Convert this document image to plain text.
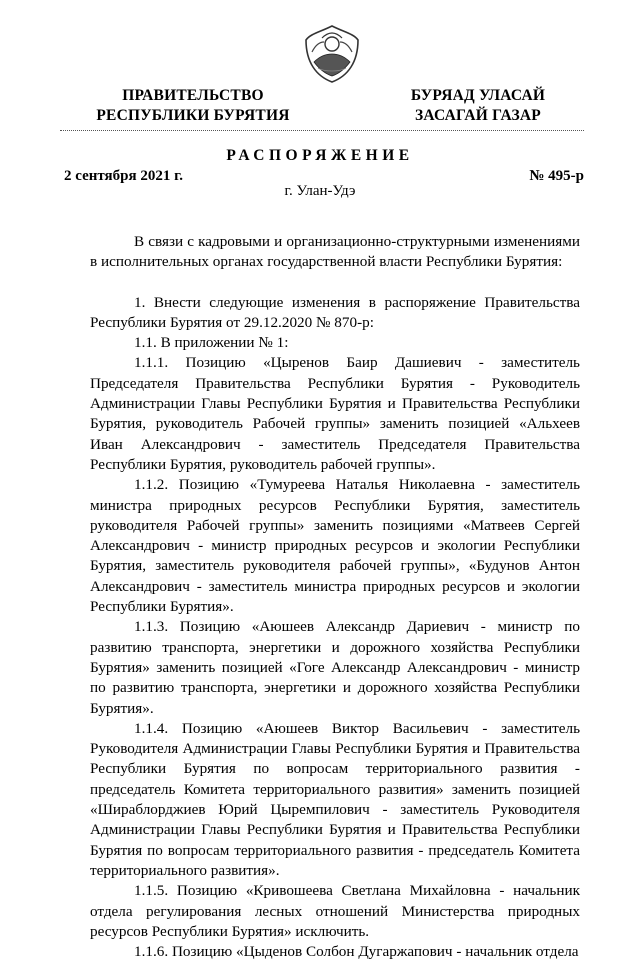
ПРАВИТЕЛЬСТВО
РЕСПУБЛИКИ БУРЯТИЯ
БУРЯАД УЛАСАЙ
ЗАСАГАЙ ГАЗАР
РАСПОРЯЖЕНИЕ
2 сентября 2021 г.	№ 495-р
г. Улан-Удэ

В связи с кадровыми и организационно-структурными изменениями в исполнительных органах государственной власти Республики Бурятия:

1. Внести следующие изменения в распоряжение Правительства Республики Бурятия от 29.12.2020 № 870-р:

1.1. В приложении № 1:

1.1.1. Позицию «Цыренов Баир Дашиевич - заместитель Председателя Правительства Республики Бурятия - Руководитель Администрации Главы Республики Бурятия и Правительства Республики Бурятия, руководитель Рабочей группы» заменить позицией «Альхеев Иван Александрович - заместитель Председателя Правительства Республики Бурятия, руководитель рабочей группы».

1.1.2. Позицию «Тумуреева Наталья Николаевна - заместитель министра природных ресурсов Республики Бурятия, заместитель руководителя Рабочей группы» заменить позициями «Матвеев Сергей Александрович - министр природных ресурсов и экологии Республики Бурятия, заместитель руководителя рабочей группы», «Будунов Антон Александрович - заместитель министра природных ресурсов и экологии Республики Бурятия».

1.1.3. Позицию «Аюшеев Александр Дариевич - министр по развитию транспорта, энергетики и дорожного хозяйства Республики Бурятия» заменить позицией «Гоге Александр Александрович - министр по развитию транспорта, энергетики и дорожного хозяйства Республики Бурятия».

1.1.4. Позицию «Аюшеев Виктор Васильевич - заместитель Руководителя Администрации Главы Республики Бурятия и Правительства Республики Бурятия по вопросам территориального развития - председатель Комитета территориального развития» заменить позицией «Шираблорджиев Юрий Цыремпилович - заместитель Руководителя Администрации Главы Республики Бурятия и Правительства Республики Бурятия по вопросам территориального развития - председатель Комитета территориального развития».

1.1.5. Позицию «Кривошеева Светлана Михайловна - начальник отдела регулирования лесных отношений Министерства природных ресурсов Республики Бурятия» исключить.

1.1.6. Позицию «Цыденов Солбон Дугаржапович - начальник отдела
